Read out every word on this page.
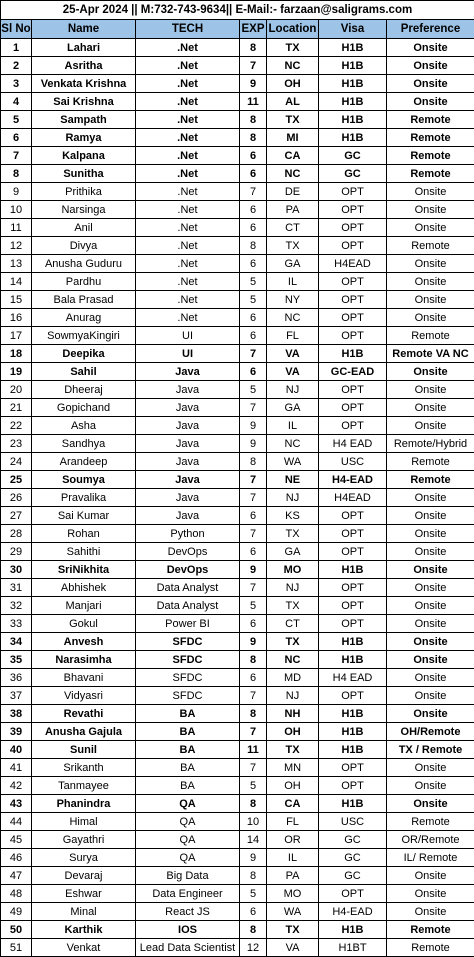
25-Apr 2024 || M:732-743-9634|| E-Mail:- farzaan@saligrams.com						
Sl No	Name	TECH	EXP	Location	Visa	Preference
1	Lahari	.Net	8	TX	H1B	Onsite
2	Asritha	.Net	7	NC	H1B	Onsite
3	Venkata Krishna	.Net	9	OH	H1B	Onsite
4	Sai Krishna	.Net	11	AL	H1B	Onsite
5	Sampath	.Net	8	TX	H1B	Remote
6	Ramya	.Net	8	MI	H1B	Remote
7	Kalpana	.Net	6	CA	GC	Remote
8	Sunitha	.Net	6	NC	GC	Remote
9	Prithika	.Net	7	DE	OPT	Onsite
10	Narsinga	.Net	6	PA	OPT	Onsite
11	Anil	.Net	6	CT	OPT	Onsite
12	Divya	.Net	8	TX	OPT	Remote
13	Anusha Guduru	.Net	6	GA	H4EAD	Onsite
14	Pardhu	.Net	5	IL	OPT	Onsite
15	Bala Prasad	.Net	5	NY	OPT	Onsite
16	Anurag	.Net	6	NC	OPT	Onsite
17	SowmyaKingiri	UI	6	FL	OPT	Remote
18	Deepika	UI	7	VA	H1B	Remote VA NC
19	Sahil	Java	6	VA	GC-EAD	Onsite
20	Dheeraj	Java	5	NJ	OPT	Onsite
21	Gopichand	Java	7	GA	OPT	Onsite
22	Asha	Java	9	IL	OPT	Onsite
23	Sandhya	Java	9	NC	H4 EAD	Remote/Hybrid
24	Arandeep	Java	8	WA	USC	Remote
25	Soumya	Java	7	NE	H4-EAD	Remote
26	Pravalika	Java	7	NJ	H4EAD	Onsite
27	Sai Kumar	Java	6	KS	OPT	Onsite
28	Rohan	Python	7	TX	OPT	Onsite
29	Sahithi	DevOps	6	GA	OPT	Onsite
30	SriNikhita	DevOps	9	MO	H1B	Onsite
31	Abhishek	Data Analyst	7	NJ	OPT	Onsite
32	Manjari	Data Analyst	5	TX	OPT	Onsite
33	Gokul	Power BI	6	CT	OPT	Onsite
34	Anvesh	SFDC	9	TX	H1B	Onsite
35	Narasimha	SFDC	8	NC	H1B	Onsite
36	Bhavani	SFDC	6	MD	H4 EAD	Onsite
37	Vidyasri	SFDC	7	NJ	OPT	Onsite
38	Revathi	BA	8	NH	H1B	Onsite
39	Anusha Gajula	BA	7	OH	H1B	OH/Remote
40	Sunil	BA	11	TX	H1B	TX / Remote
41	Srikanth	BA	7	MN	OPT	Onsite
42	Tanmayee	BA	5	OH	OPT	Onsite
43	Phanindra	QA	8	CA	H1B	Onsite
44	Himal	QA	10	FL	USC	Remote
45	Gayathri	QA	14	OR	GC	OR/Remote
46	Surya	QA	9	IL	GC	IL/ Remote
47	Devaraj	Big Data	8	PA	GC	Onsite
48	Eshwar	Data Engineer	5	MO	OPT	Onsite
49	Minal	React JS	6	WA	H4-EAD	Onsite
50	Karthik	IOS	8	TX	H1B	Remote
51	Venkat	Lead Data Scientist	12	VA	H1BT	Remote
